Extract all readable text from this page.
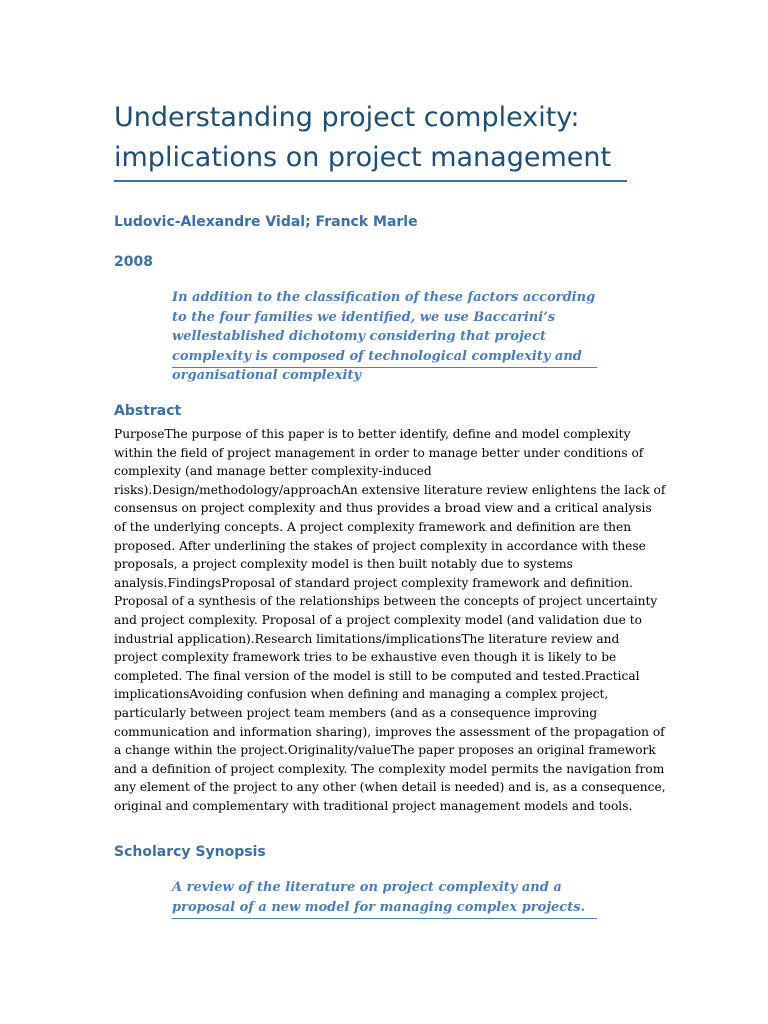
Understanding project complexity: implications on project management
Ludovic-Alexandre Vidal; Franck Marle
2008
In addition to the classification of these factors according to the four families we identified, we use Baccarini’s wellestablished dichotomy considering that project complexity is composed of technological complexity and organisational complexity
Abstract

PurposeThe purpose of this paper is to better identify, define and model complexity within the field of project management in order to manage better under conditions of complexity (and manage better complexity-induced risks).Design/methodology/approachAn extensive literature review enlightens the lack of consensus on project complexity and thus provides a broad view and a critical analysis of the underlying concepts. A project complexity framework and definition are then proposed. After underlining the stakes of project complexity in accordance with these proposals, a project complexity model is then built notably due to systems analysis.FindingsProposal of standard project complexity framework and definition. Proposal of a synthesis of the relationships between the concepts of project uncertainty and project complexity. Proposal of a project complexity model (and validation due to industrial application).Research limitations/implicationsThe literature review and project complexity framework tries to be exhaustive even though it is likely to be completed. The final version of the model is still to be computed and tested.Practical implicationsAvoiding confusion when defining and managing a complex project, particularly between project team members (and as a consequence improving communication and information sharing), improves the assessment of the propagation of a change within the project.Originality/valueThe paper proposes an original framework and a definition of project complexity. The complexity model permits the navigation from any element of the project to any other (when detail is needed) and is, as a consequence, original and complementary with traditional project management models and tools.

Scholarcy Synopsis
A review of the literature on project complexity and a proposal of a new model for managing complex projects.
